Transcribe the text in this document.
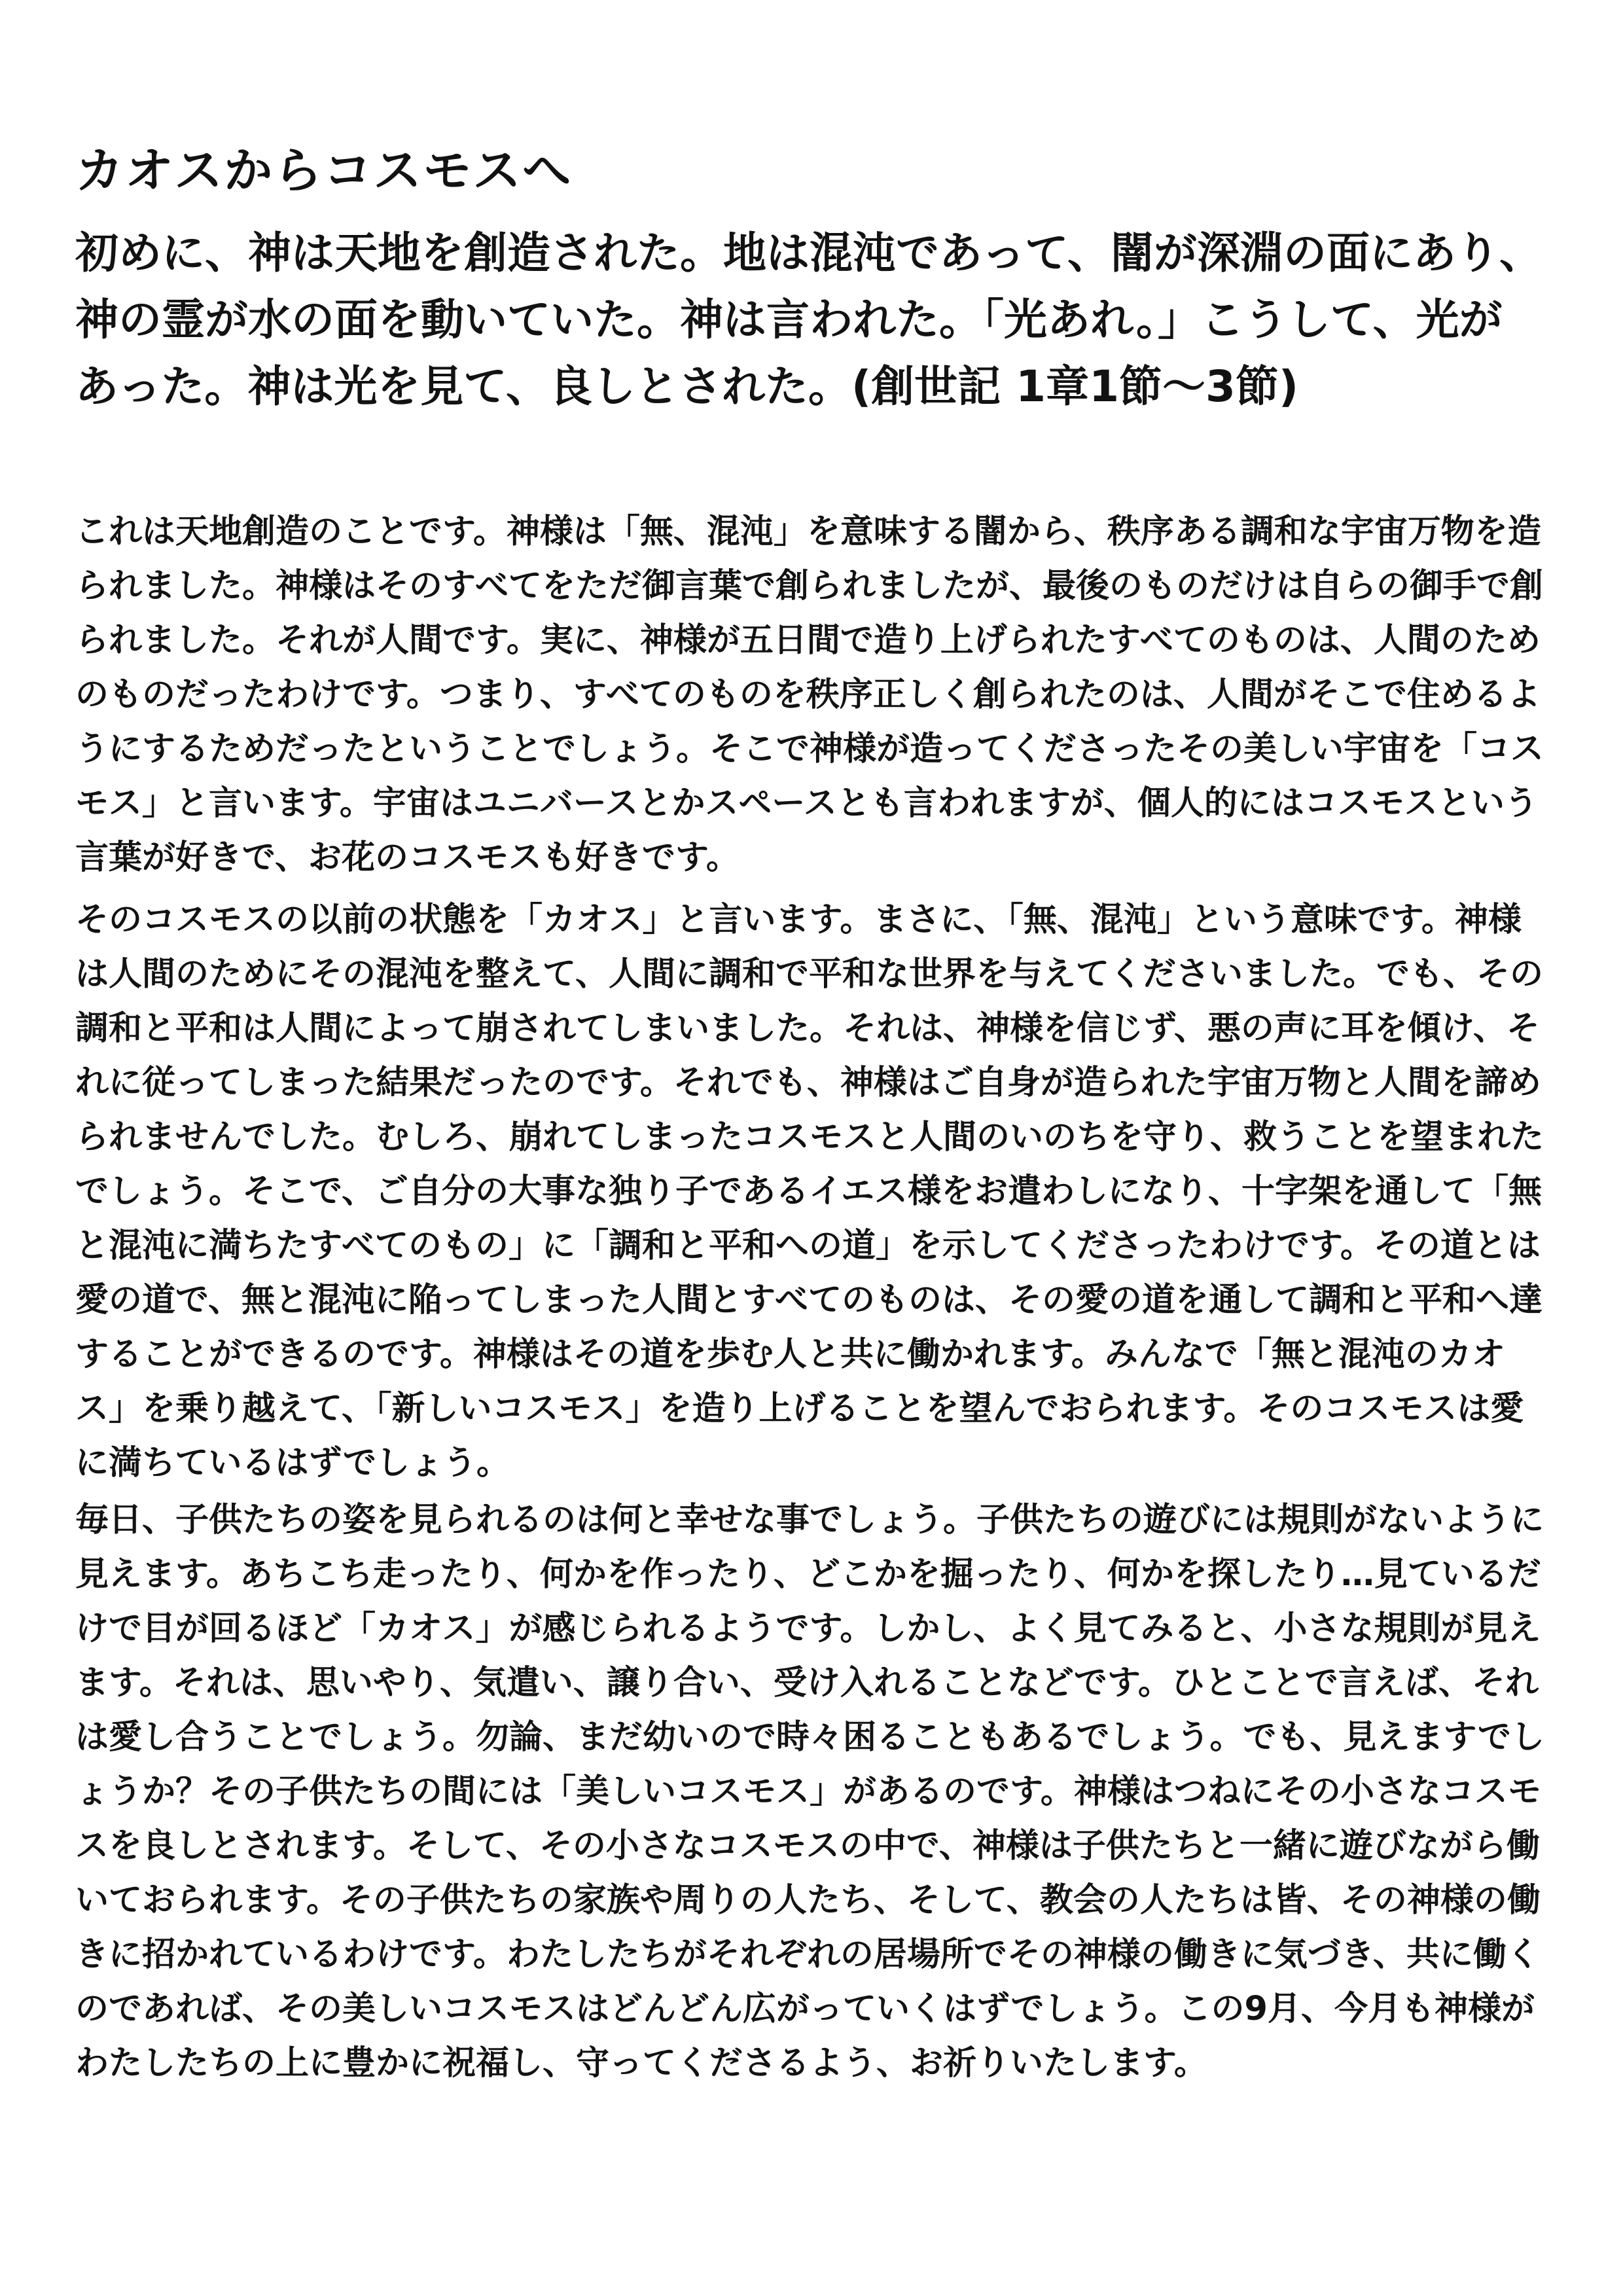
カオスからコスモスへ
初めに、神は天地を創造された。地は混沌であって、闇が深淵の面にあり、
神の霊が水の面を動いていた。神は言われた。「光あれ。」こうして、光が
あった。神は光を見て、良しとされた。(創世記 1章1節～3節)
これは天地創造のことです。神様は「無、混沌」を意味する闇から、秩序ある調和な宇宙万物を造
られました。神様はそのすべてをただ御言葉で創られましたが、最後のものだけは自らの御手で創
られました。それが人間です。実に、神様が五日間で造り上げられたすべてのものは、人間のため
のものだったわけです。つまり、すべてのものを秩序正しく創られたのは、人間がそこで住めるよ
うにするためだったということでしょう。そこで神様が造ってくださったその美しい宇宙を「コス
モス」と言います。宇宙はユニバースとかスペースとも言われますが、個人的にはコスモスという
言葉が好きで、お花のコスモスも好きです。
そのコスモスの以前の状態を「カオス」と言います。まさに、「無、混沌」という意味です。神様
は人間のためにその混沌を整えて、人間に調和で平和な世界を与えてくださいました。でも、その
調和と平和は人間によって崩されてしまいました。それは、神様を信じず、悪の声に耳を傾け、そ
れに従ってしまった結果だったのです。それでも、神様はご自身が造られた宇宙万物と人間を諦め
られませんでした。むしろ、崩れてしまったコスモスと人間のいのちを守り、救うことを望まれた
でしょう。そこで、ご自分の大事な独り子であるイエス様をお遣わしになり、十字架を通して「無
と混沌に満ちたすべてのもの」に「調和と平和への道」を示してくださったわけです。その道とは
愛の道で、無と混沌に陥ってしまった人間とすべてのものは、その愛の道を通して調和と平和へ達
することができるのです。神様はその道を歩む人と共に働かれます。みんなで「無と混沌のカオ
ス」を乗り越えて、「新しいコスモス」を造り上げることを望んでおられます。そのコスモスは愛
に満ちているはずでしょう。
毎日、子供たちの姿を見られるのは何と幸せな事でしょう。子供たちの遊びには規則がないように
見えます。あちこち走ったり、何かを作ったり、どこかを掘ったり、何かを探したり…見ているだ
けで目が回るほど「カオス」が感じられるようです。しかし、よく見てみると、小さな規則が見え
ます。それは、思いやり、気遣い、譲り合い、受け入れることなどです。ひとことで言えば、それ
は愛し合うことでしょう。勿論、まだ幼いので時々困ることもあるでしょう。でも、見えますでし
ょうか？その子供たちの間には「美しいコスモス」があるのです。神様はつねにその小さなコスモ
スを良しとされます。そして、その小さなコスモスの中で、神様は子供たちと一緒に遊びながら働
いておられます。その子供たちの家族や周りの人たち、そして、教会の人たちは皆、その神様の働
きに招かれているわけです。わたしたちがそれぞれの居場所でその神様の働きに気づき、共に働く
のであれば、その美しいコスモスはどんどん広がっていくはずでしょう。この9月、今月も神様が
わたしたちの上に豊かに祝福し、守ってくださるよう、お祈りいたします。
